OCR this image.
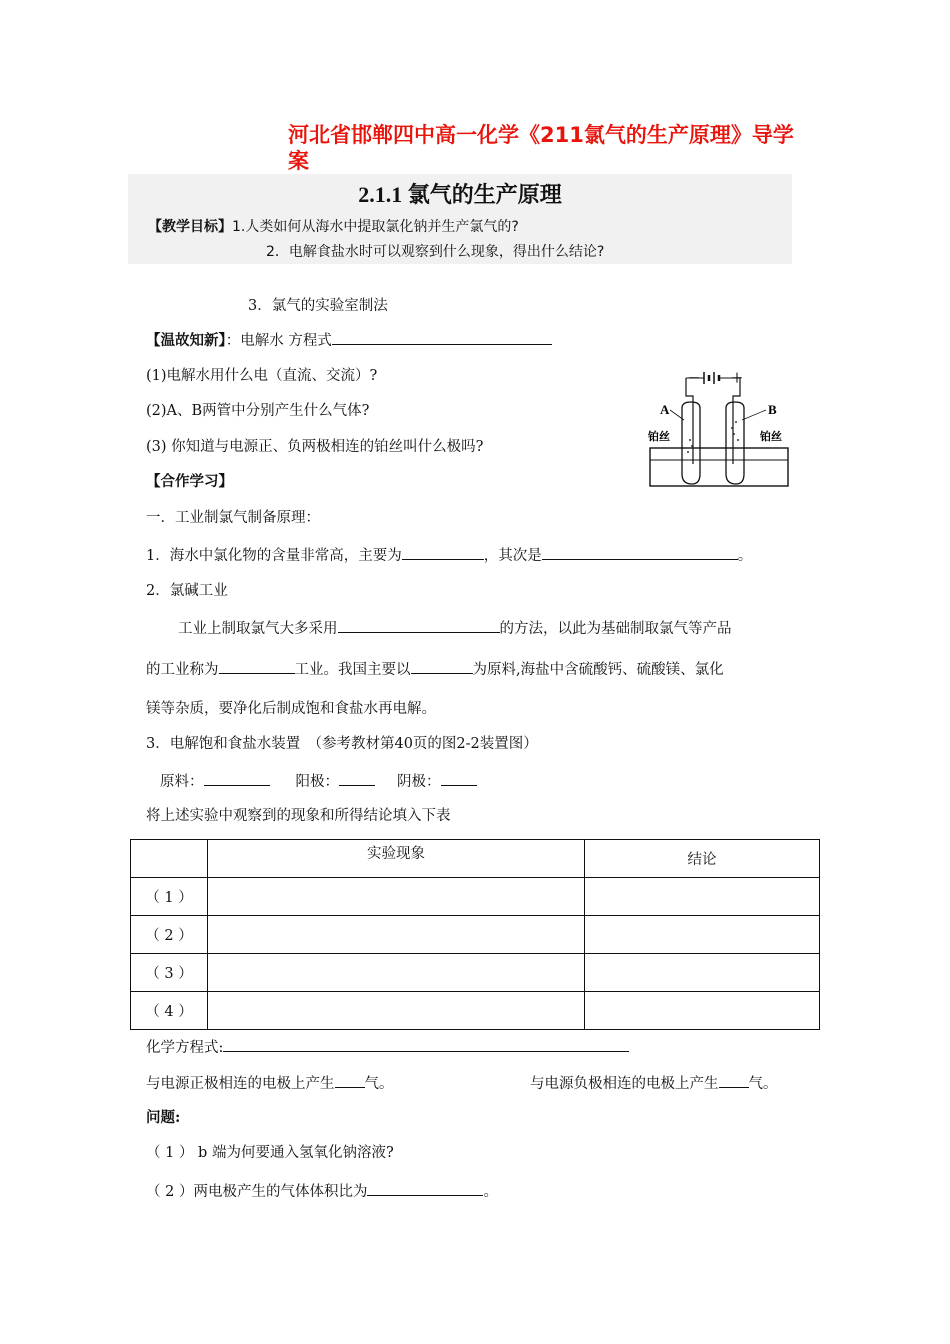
河北省邯郸四中高一化学《211氯气的生产原理》导学案
2.1.1 氯气的生产原理
【教学目标】1.人类如何从海水中提取氯化钠并生产氯气的?
2．电解食盐水时可以观察到什么现象，得出什么结论?
3．氯气的实验室制法
【温故知新】：电解水 方程式
(1)电解水用什么电（直流、交流）?
(2)A、B两管中分别产生什么气体?
(3) 你知道与电源正、负两极相连的铂丝叫什么极吗?
－	＋
A	B
铂丝	铂丝
【合作学习】
一．工业制氯气制备原理：
1．海水中氯化物的含量非常高，主要为	，其次是	。
2．氯碱工业
工业上制取氯气大多采用	的方法，以此为基础制取氯气等产品
的工业称为	工业。我国主要以	为原料,海盐中含硫酸钙、硫酸镁、氯化
镁等杂质，要净化后制成饱和食盐水再电解。
3．电解饱和食盐水装置　（参考教材第40页的图2-2装置图）
原料：	阳极：	阴极：
将上述实验中观察到的现象和所得结论填入下表
	实验现象	结论
（ 1 ）		
（ 2 ）		
（ 3 ）		
（ 4 ）		
化学方程式:
与电源正极相连的电极上产生 气。	与电源负极相连的电极上产生 气。
问题:
（ 1 ） b 端为何要通入氢氧化钠溶液?
（ 2 ）两电极产生的气体体积比为	。
